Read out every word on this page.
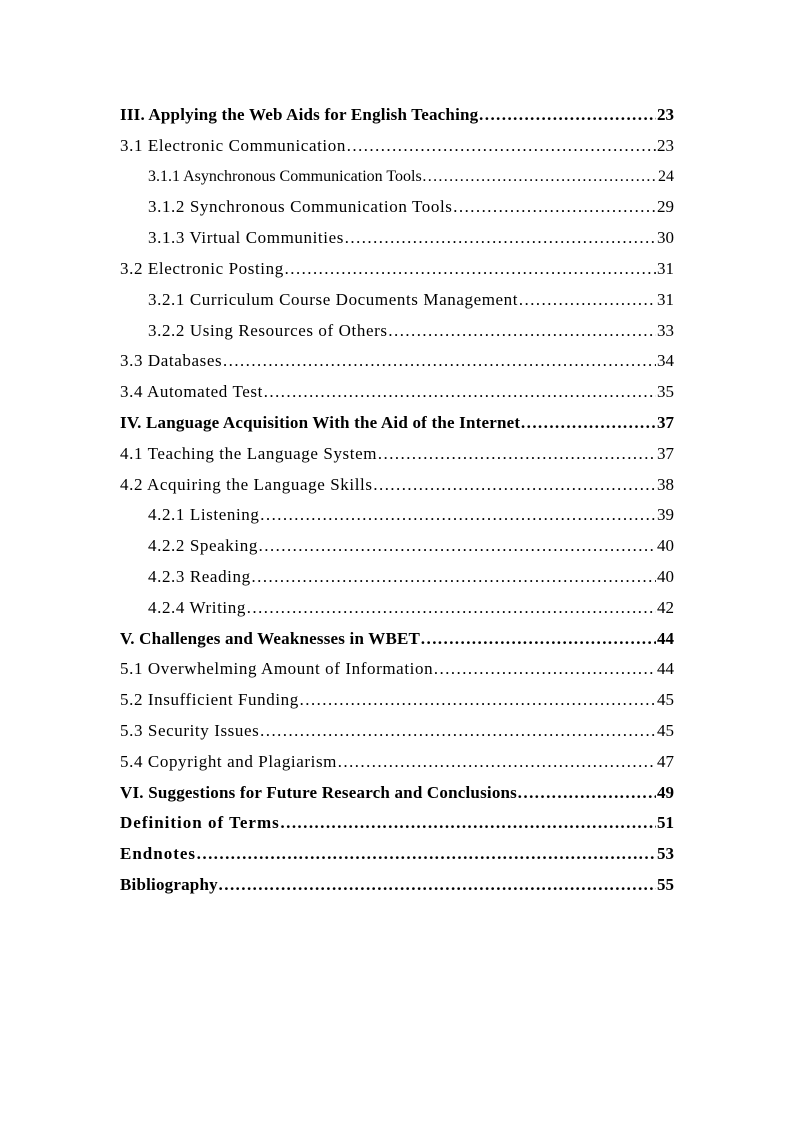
III. Applying the Web Aids for English Teaching …………………………………………………………………………………………………………………………………………	23
3.1 Electronic Communication …………………………………………………………………………………………………………………………………………	23
3.1.1 Asynchronous Communication Tools …………………………………………………………………………………………………………………………………………	24
3.1.2 Synchronous Communication Tools …………………………………………………………………………………………………………………………………………	29
3.1.3 Virtual Communities …………………………………………………………………………………………………………………………………………	30
3.2 Electronic Posting …………………………………………………………………………………………………………………………………………	31
3.2.1 Curriculum Course Documents Management …………………………………………………………………………………………………………………………………………	31
3.2.2 Using Resources of Others …………………………………………………………………………………………………………………………………………	33
3.3 Databases …………………………………………………………………………………………………………………………………………	34
3.4 Automated Test …………………………………………………………………………………………………………………………………………	35
IV. Language Acquisition With the Aid of the Internet …………………………………………………………………………………………………………………………………………	37
4.1 Teaching the Language System …………………………………………………………………………………………………………………………………………	37
4.2 Acquiring the Language Skills …………………………………………………………………………………………………………………………………………	38
4.2.1 Listening …………………………………………………………………………………………………………………………………………	39
4.2.2 Speaking …………………………………………………………………………………………………………………………………………	40
4.2.3 Reading …………………………………………………………………………………………………………………………………………	40
4.2.4 Writing …………………………………………………………………………………………………………………………………………	42
V. Challenges and Weaknesses in WBET …………………………………………………………………………………………………………………………………………	44
5.1 Overwhelming Amount of Information …………………………………………………………………………………………………………………………………………	44
5.2 Insufficient Funding …………………………………………………………………………………………………………………………………………	45
5.3 Security Issues …………………………………………………………………………………………………………………………………………	45
5.4 Copyright and Plagiarism …………………………………………………………………………………………………………………………………………	47
VI. Suggestions for Future Research and Conclusions …………………………………………………………………………………………………………………………………………	49
Definition of Terms …………………………………………………………………………………………………………………………………………	51
Endnotes …………………………………………………………………………………………………………………………………………	53
Bibliography …………………………………………………………………………………………………………………………………………	55
